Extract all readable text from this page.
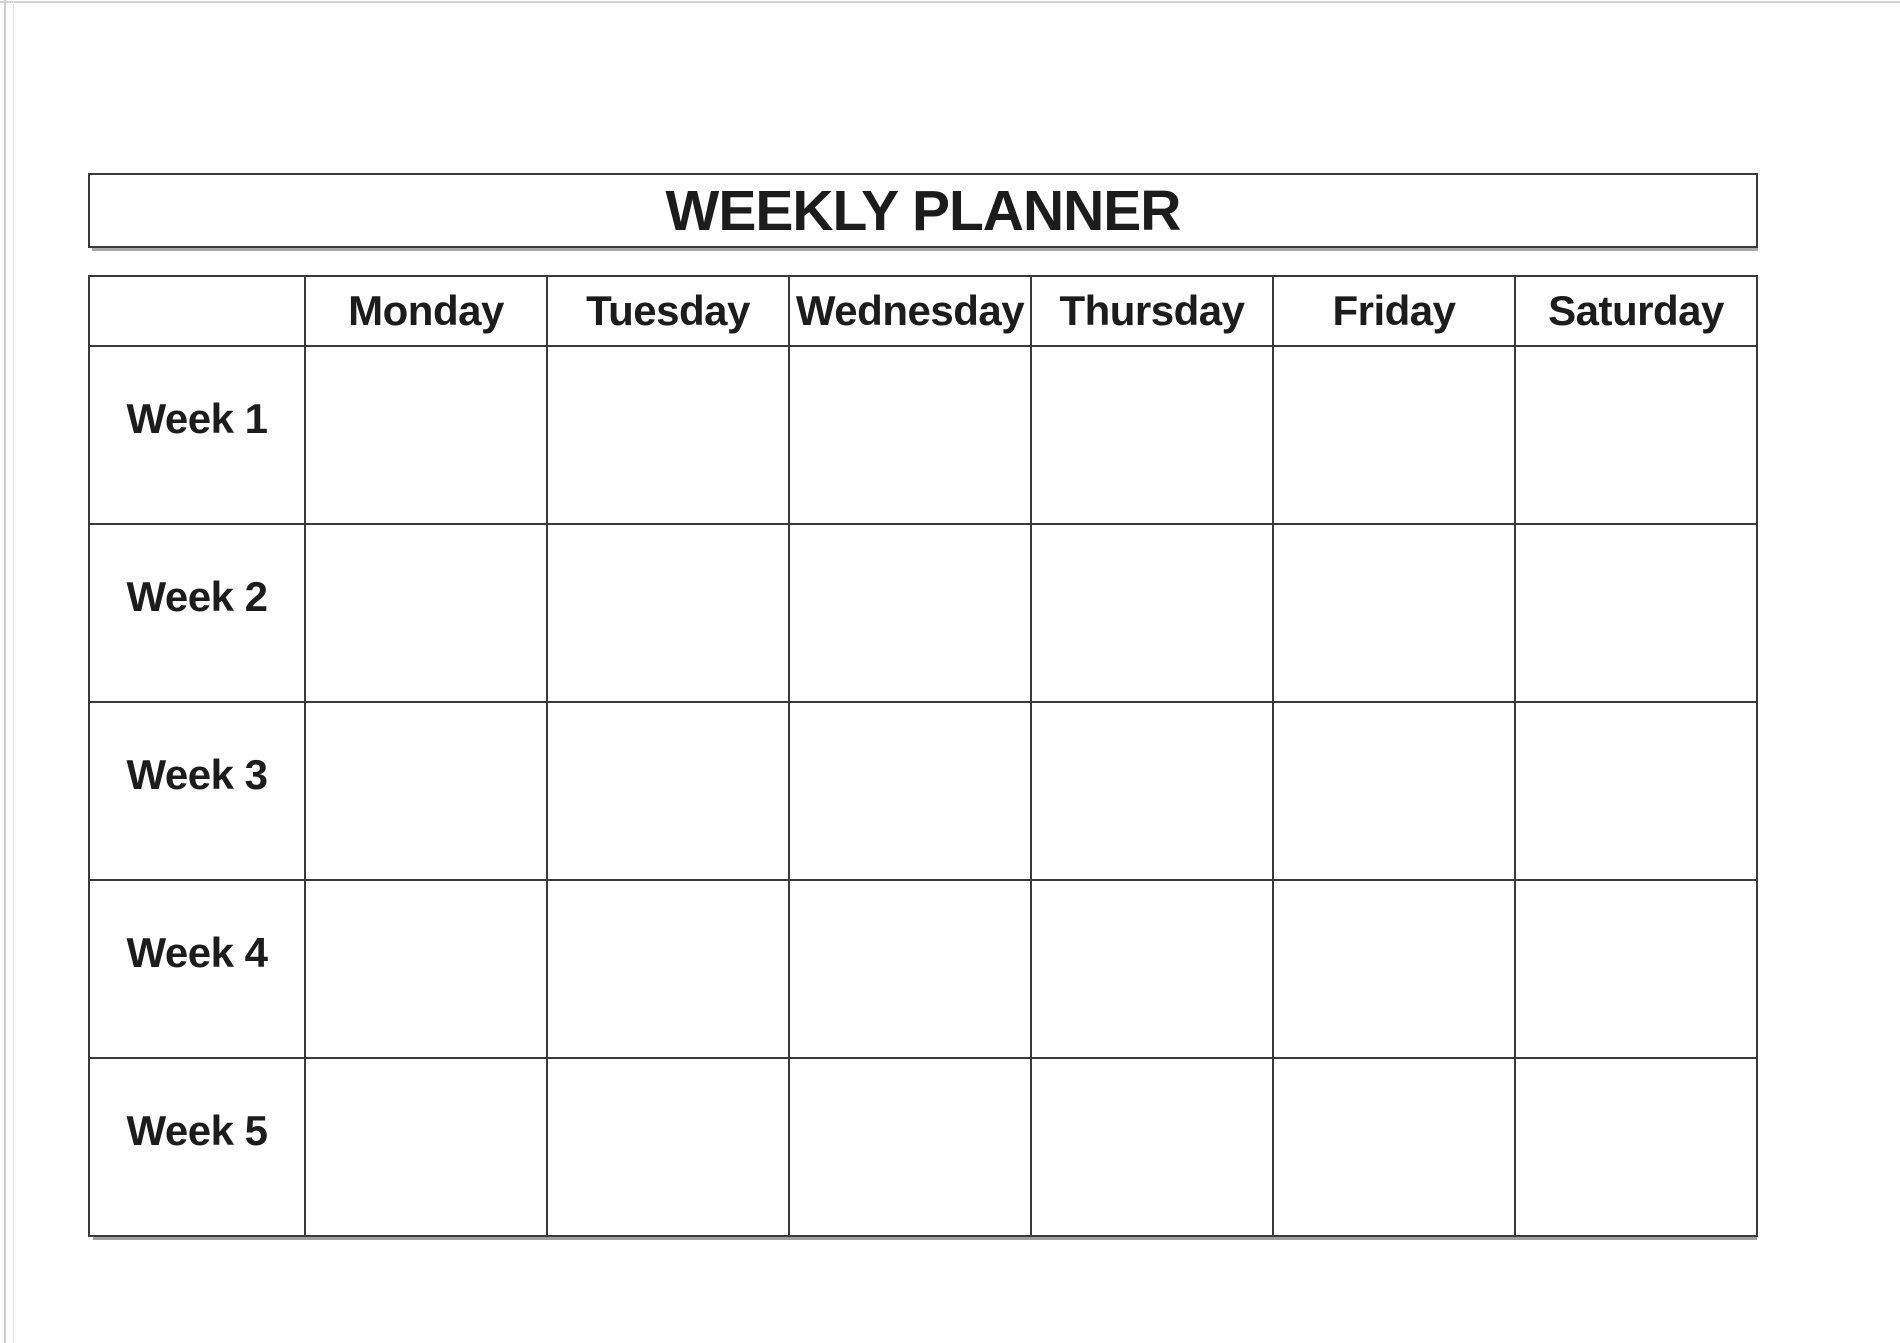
WEEKLY PLANNER
	Monday	Tuesday	Wednesday	Thursday	Friday	Saturday
Week 1						
Week 2						
Week 3						
Week 4						
Week 5						
